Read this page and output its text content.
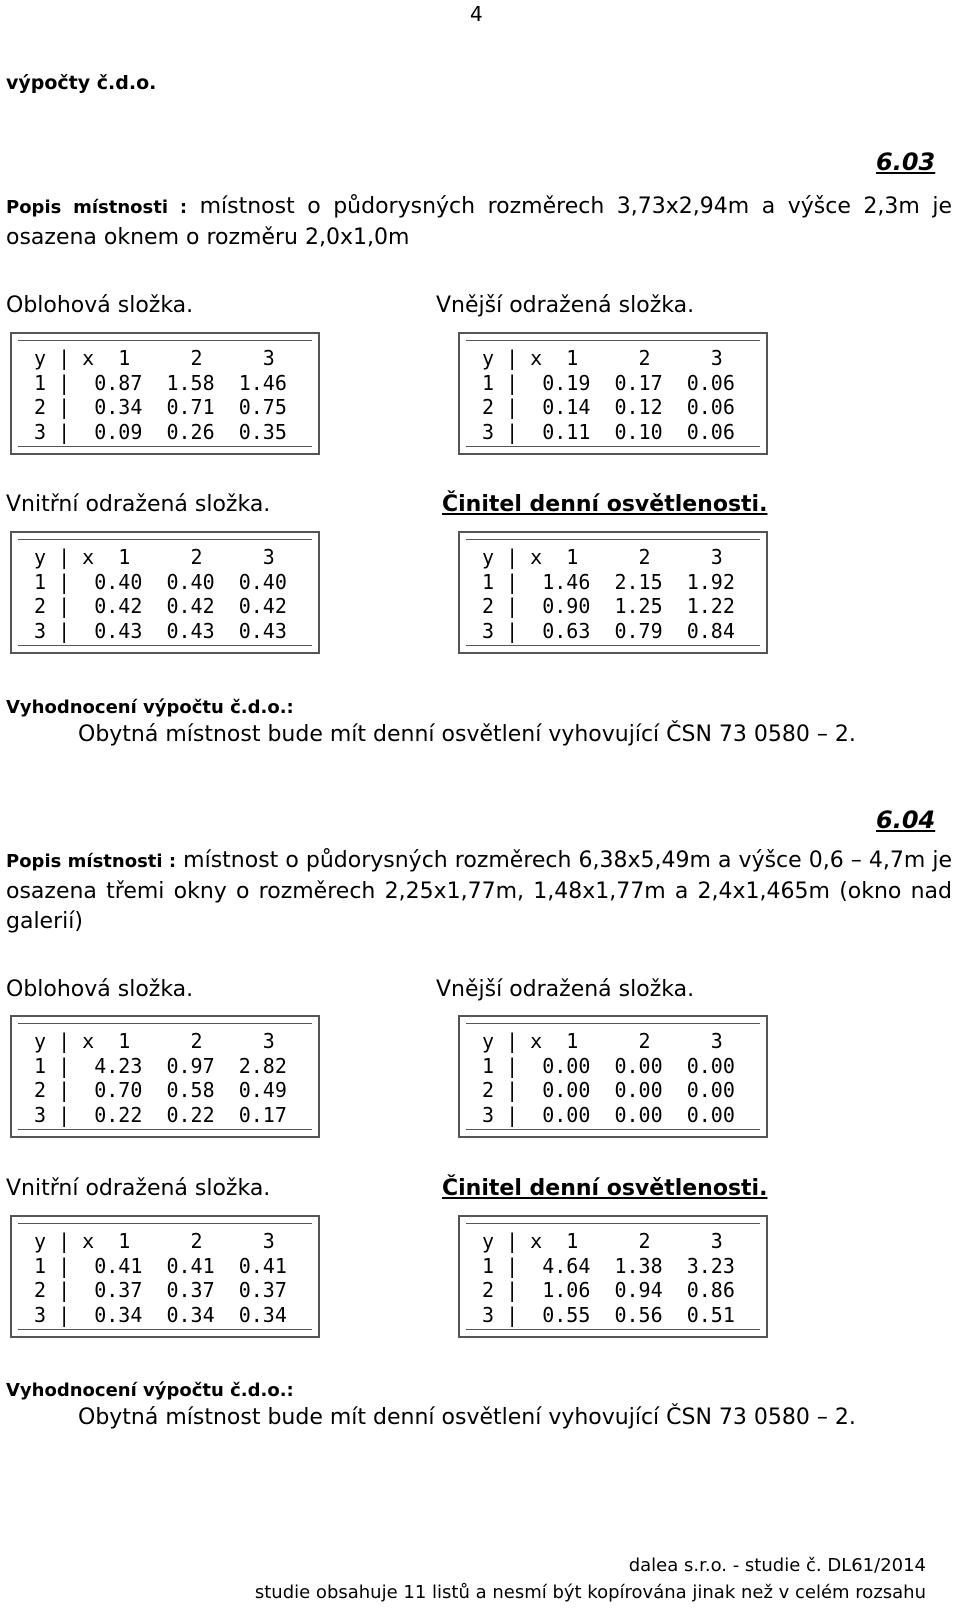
4
výpočty č.d.o.
6.03
Popis místnosti : místnost o půdorysných rozměrech 3,73x2,94m a výšce 2,3m je osazena oknem o rozměru 2,0x1,0m
Oblohová složka.
y | x  1     2     3
1 |  0.87  1.58  1.46
2 |  0.34  0.71  0.75
3 |  0.09  0.26  0.35
Vnější odražená složka.
y | x  1     2     3
1 |  0.19  0.17  0.06
2 |  0.14  0.12  0.06
3 |  0.11  0.10  0.06
Vnitřní odražená složka.
y | x  1     2     3
1 |  0.40  0.40  0.40
2 |  0.42  0.42  0.42
3 |  0.43  0.43  0.43
Činitel denní osvětlenosti.
y | x  1     2     3
1 |  1.46  2.15  1.92
2 |  0.90  1.25  1.22
3 |  0.63  0.79  0.84
Vyhodnocení výpočtu č.d.o.:
Obytná místnost bude mít denní osvětlení vyhovující ČSN 73 0580 – 2.
6.04
Popis místnosti : místnost o půdorysných rozměrech 6,38x5,49m a výšce 0,6 – 4,7m je osazena třemi okny o rozměrech 2,25x1,77m, 1,48x1,77m a 2,4x1,465m (okno nad galerií)
Oblohová složka.
y | x  1     2     3
1 |  4.23  0.97  2.82
2 |  0.70  0.58  0.49
3 |  0.22  0.22  0.17
Vnější odražená složka.
y | x  1     2     3
1 |  0.00  0.00  0.00
2 |  0.00  0.00  0.00
3 |  0.00  0.00  0.00
Vnitřní odražená složka.
y | x  1     2     3
1 |  0.41  0.41  0.41
2 |  0.37  0.37  0.37
3 |  0.34  0.34  0.34
Činitel denní osvětlenosti.
y | x  1     2     3
1 |  4.64  1.38  3.23
2 |  1.06  0.94  0.86
3 |  0.55  0.56  0.51
Vyhodnocení výpočtu č.d.o.:
Obytná místnost bude mít denní osvětlení vyhovující ČSN 73 0580 – 2.
dalea s.r.o. - studie č. DL61/2014
studie obsahuje 11 listů a nesmí být kopírována jinak než v celém rozsahu
